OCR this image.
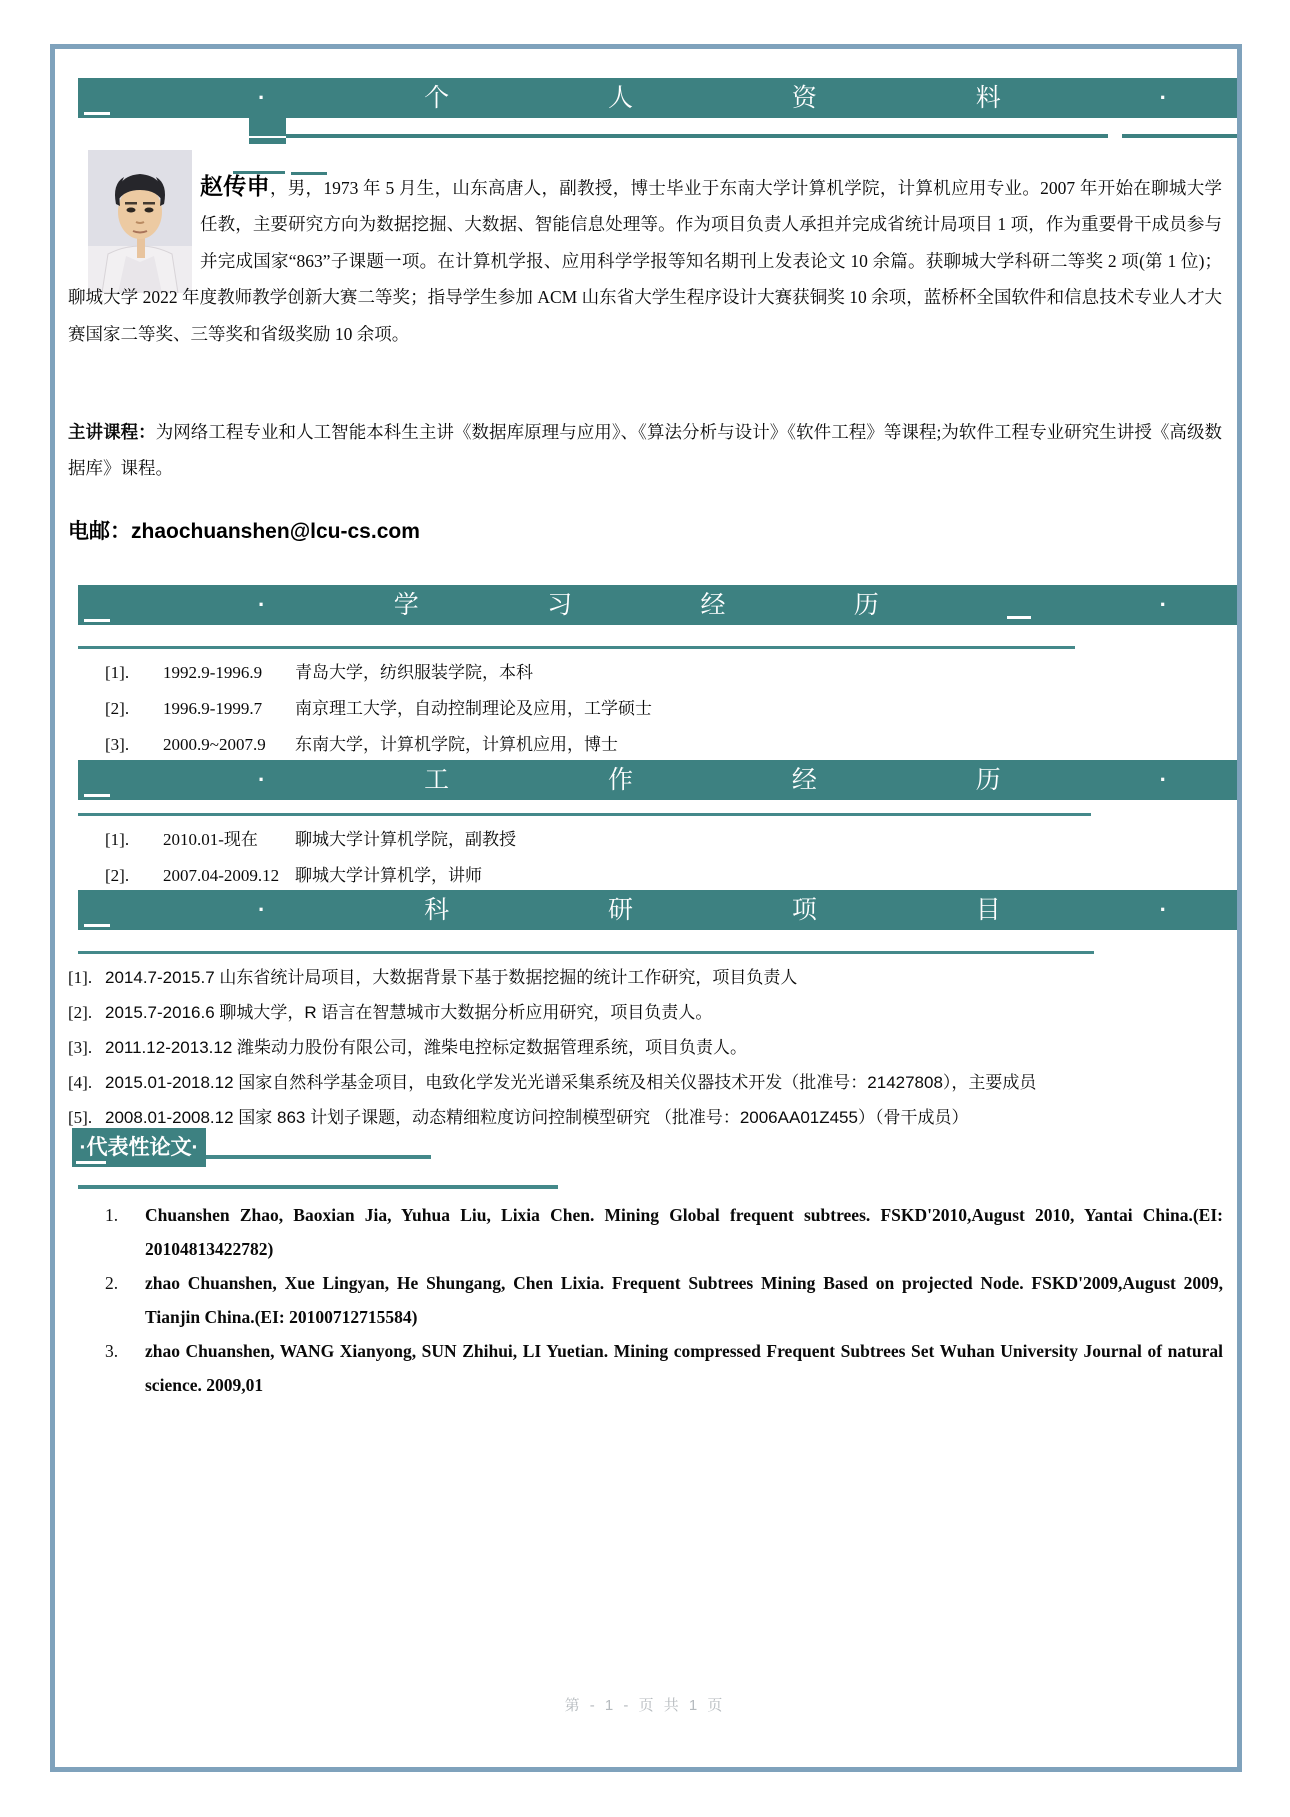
·	个	人	资	料	·
赵传申，男，1973 年 5 月生，山东高唐人，副教授，博士毕业于东南大学计算机学院，计算机应用专业。2007 年开始在聊城大学任教，主要研究方向为数据挖掘、大数据、智能信息处理等。作为项目负责人承担并完成省统计局项目 1 项，作为重要骨干成员参与并完成国家“863”子课题一项。在计算机学报、应用科学学报等知名期刊上发表论文 10 余篇。获聊城大学科研二等奖 2 项(第 1 位)；聊城大学 2022 年度教师教学创新大赛二等奖；指导学生参加 ACM 山东省大学生程序设计大赛获铜奖 10 余项，蓝桥杯全国软件和信息技术专业人才大赛国家二等奖、三等奖和省级奖励 10 余项。
主讲课程：为网络工程专业和人工智能本科生主讲《数据库原理与应用》、《算法分析与设计》《软件工程》等课程;为软件工程专业研究生讲授《高级数据库》课程。
电邮：zhaochuanshen@lcu-cs.com
·	学	习	经	历	·
[1].	1992.9-1996.9	青岛大学，纺织服装学院，本科
[2].	1996.9-1999.7	南京理工大学，自动控制理论及应用，工学硕士
[3].	2000.9~2007.9	东南大学，计算机学院，计算机应用，博士
·	工	作	经	历	·
[1].	2010.01-现在	聊城大学计算机学院，副教授
[2].	2007.04-2009.12 聊城大学计算机学，讲师
·	科	研	项	目	·
[1]. 2014.7-2015.7 山东省统计局项目，大数据背景下基于数据挖掘的统计工作研究，项目负责人
[2]. 2015.7-2016.6 聊城大学，R 语言在智慧城市大数据分析应用研究，项目负责人。
[3]. 2011.12-2013.12 潍柴动力股份有限公司，潍柴电控标定数据管理系统，项目负责人。
[4]. 2015.01-2018.12 国家自然科学基金项目，电致化学发光光谱采集系统及相关仪器技术开发（批准号：21427808），主要成员
[5]. 2008.01-2008.12 国家 863 计划子课题，动态精细粒度访问控制模型研究 （批准号：2006AA01Z455）（骨干成员）
·代表性论文·
1.	Chuanshen Zhao, Baoxian Jia, Yuhua Liu, Lixia Chen. Mining Global frequent subtrees. FSKD'2010,August 2010, Yantai China.(EI: 20104813422782)
2.	zhao Chuanshen, Xue Lingyan, He Shungang, Chen Lixia. Frequent Subtrees Mining Based on projected Node. FSKD'2009,August 2009, Tianjin China.(EI: 20100712715584)
3.	zhao Chuanshen, WANG Xianyong, SUN Zhihui, LI Yuetian. Mining compressed Frequent Subtrees Set Wuhan University Journal of natural science. 2009,01
第 - 1 - 页 共 1 页
